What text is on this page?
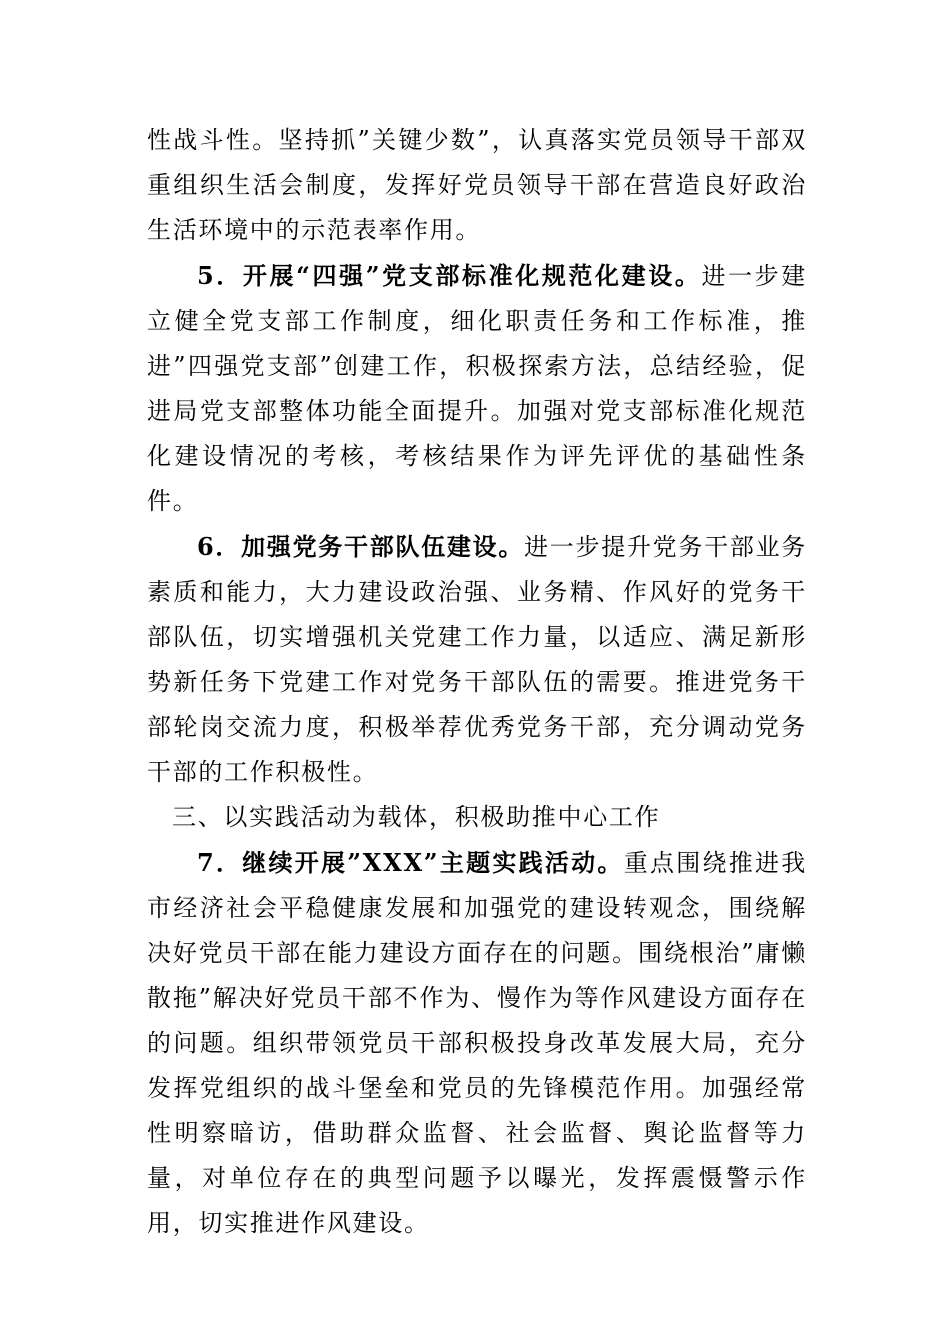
性战斗性。坚持抓”关键少数”，认真落实党员领导干部双重组织生活会制度，发挥好党员领导干部在营造良好政治生活环境中的示范表率作用。

5．开展“四强”党支部标准化规范化建设。进一步建立健全党支部工作制度，细化职责任务和工作标准，推进”四强党支部”创建工作，积极探索方法，总结经验，促进局党支部整体功能全面提升。加强对党支部标准化规范化建设情况的考核，考核结果作为评先评优的基础性条件。

6．加强党务干部队伍建设。进一步提升党务干部业务素质和能力，大力建设政治强、业务精、作风好的党务干部队伍，切实增强机关党建工作力量，以适应、满足新形势新任务下党建工作对党务干部队伍的需要。推进党务干部轮岗交流力度，积极举荐优秀党务干部，充分调动党务干部的工作积极性。

三、以实践活动为载体，积极助推中心工作

7．继续开展”XXX”主题实践活动。重点围绕推进我市经济社会平稳健康发展和加强党的建设转观念，围绕解决好党员干部在能力建设方面存在的问题。围绕根治”庸懒散拖”解决好党员干部不作为、慢作为等作风建设方面存在的问题。组织带领党员干部积极投身改革发展大局，充分发挥党组织的战斗堡垒和党员的先锋模范作用。加强经常性明察暗访，借助群众监督、社会监督、舆论监督等力量，对单位存在的典型问题予以曝光，发挥震慑警示作用，切实推进作风建设。
